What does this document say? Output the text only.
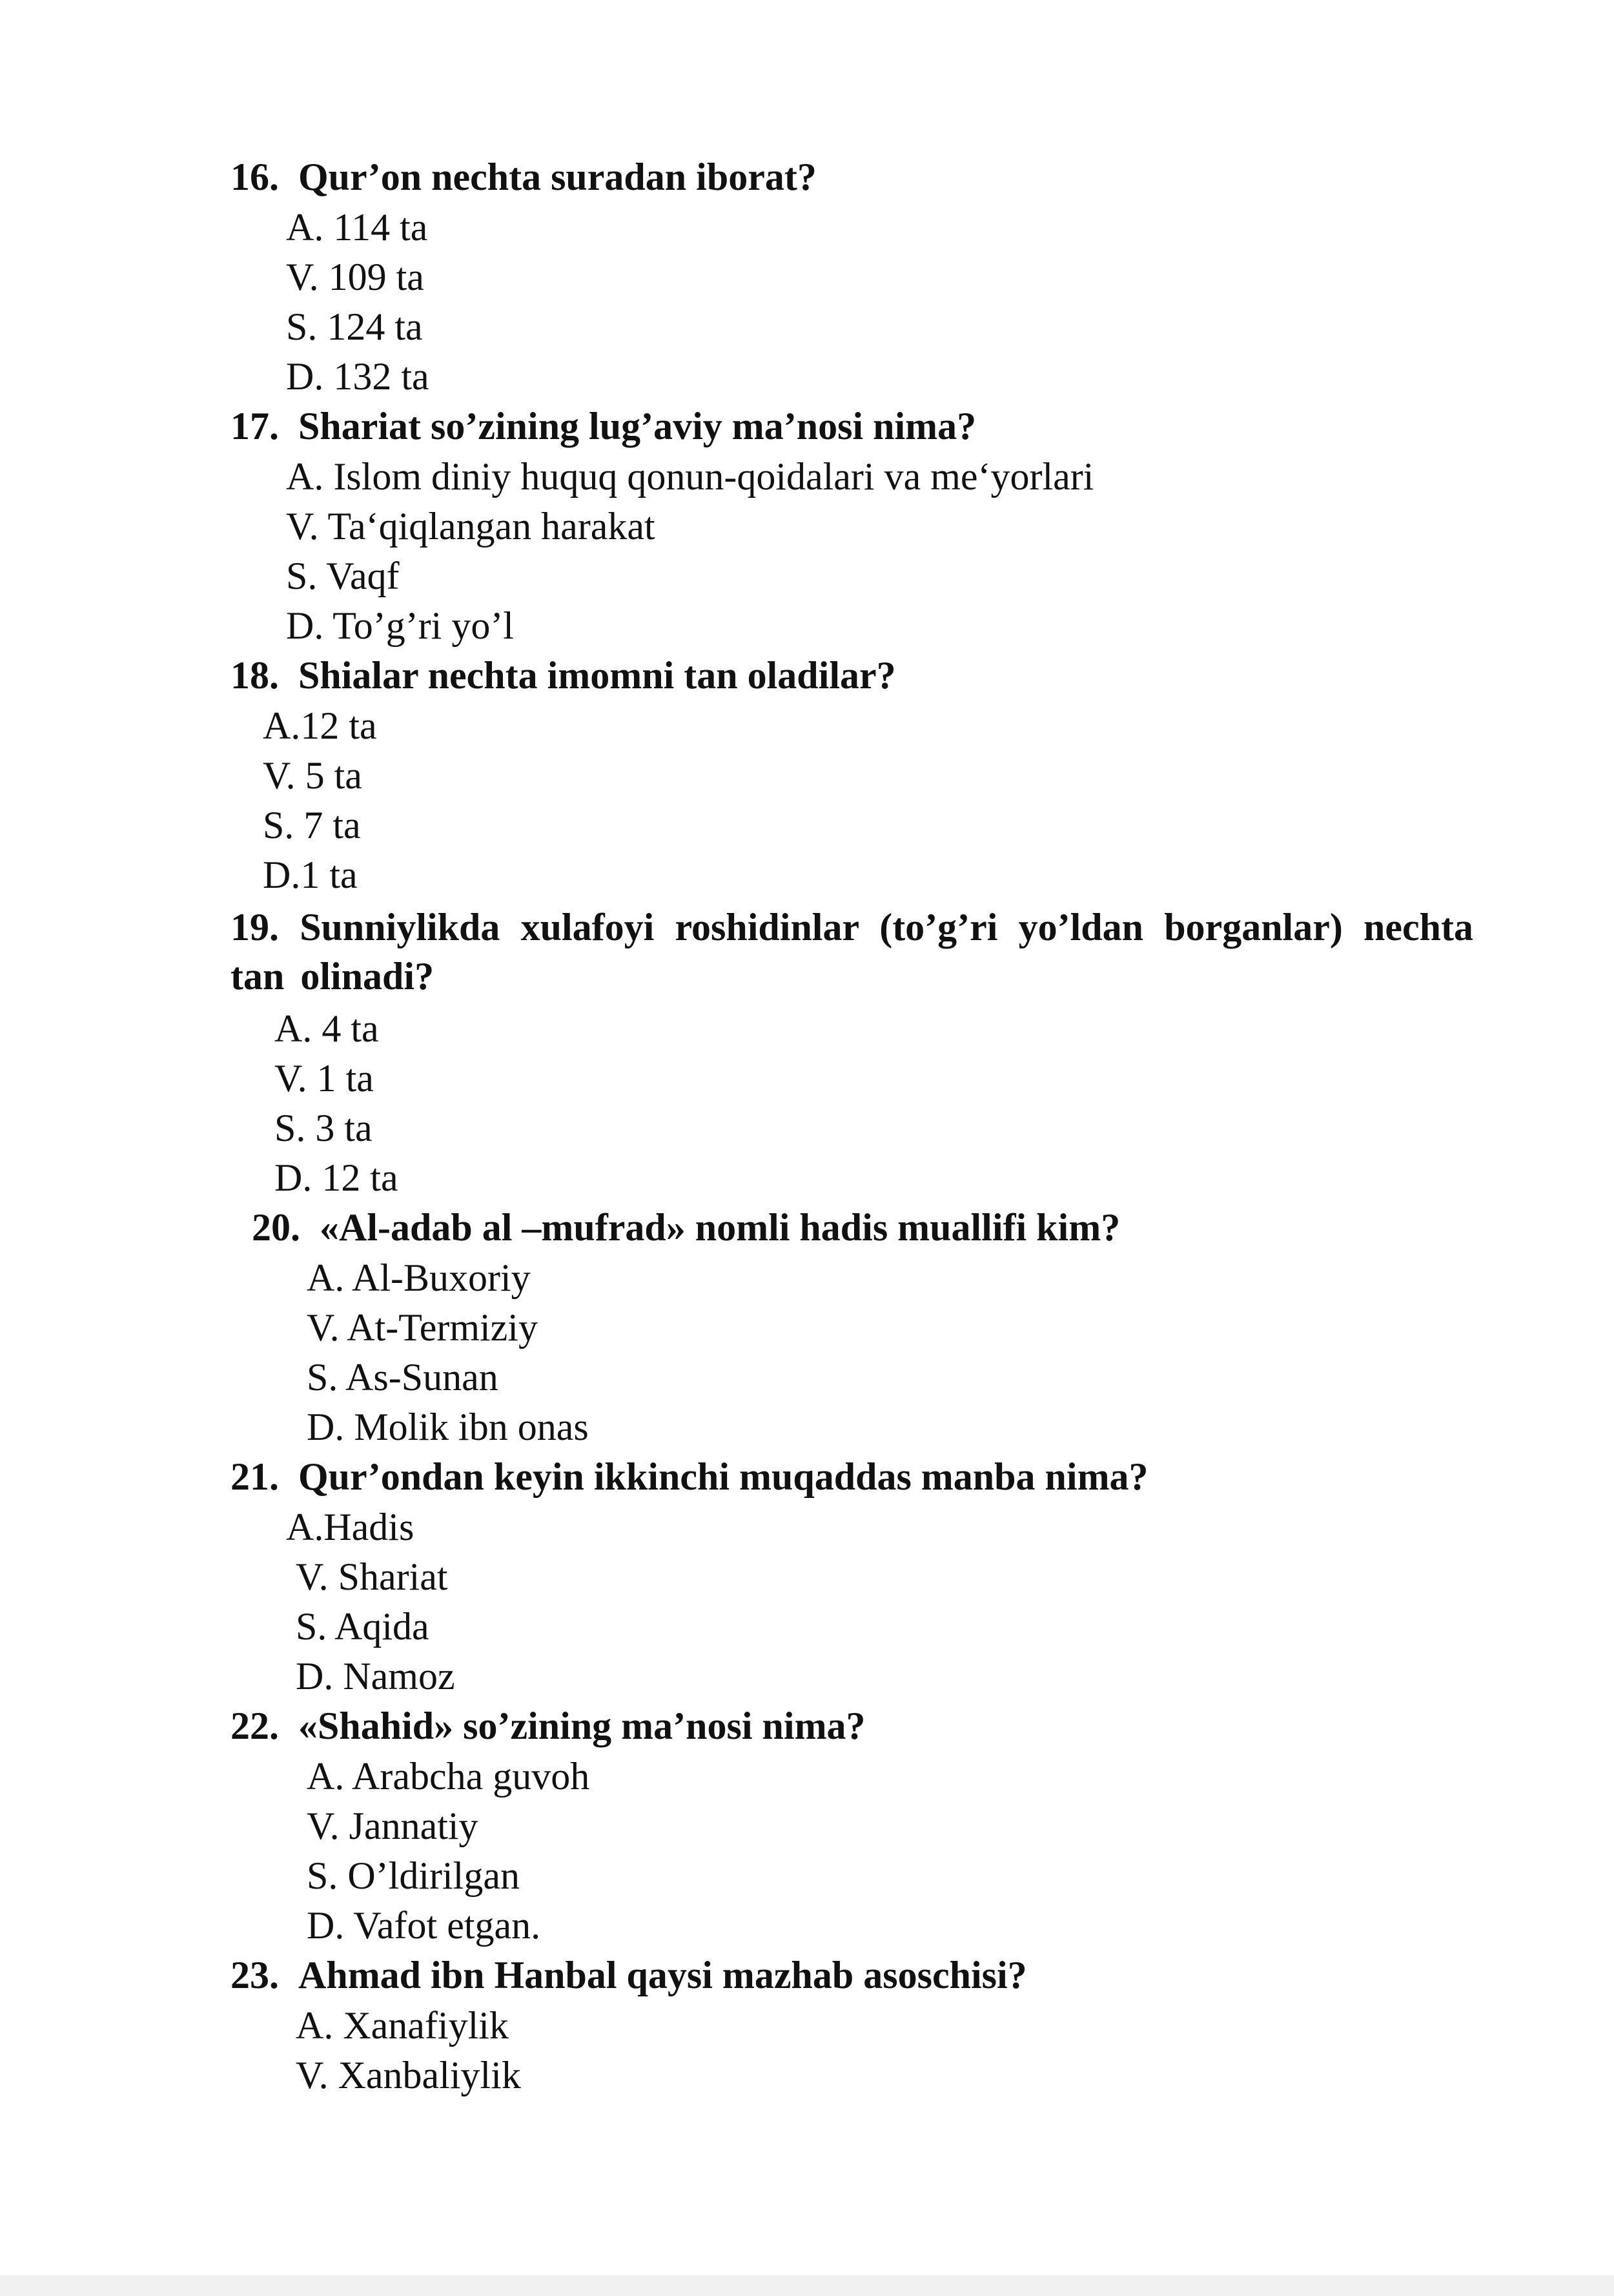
16. Qur’on nechta suradan iborat?
A. 114 ta
V. 109 ta
S. 124 ta
D. 132 ta
17. Shariat so’zining lug’aviy ma’nosi nima?
A. Islom diniy huquq qonun-qoidalari va me‘yorlari
V. Ta‘qiqlangan harakat
S. Vaqf
D. To’g’ri yo’l
18. Shialar nechta imomni tan oladilar?
A.12 ta
V. 5 ta
S. 7 ta
D.1 ta
19. Sunniylikda xulafoyi roshidinlar (to’g’ri yo’ldan borganlar) nechta tan olinadi?
A. 4 ta
V. 1 ta
S. 3 ta
D. 12 ta
20. «Al-adab al –mufrad» nomli hadis muallifi kim?
A. Al-Buxoriy
V. At-Termiziy
S. As-Sunan
D. Molik ibn onas
21. Qur’ondan keyin ikkinchi muqaddas manba nima?
A.Hadis
V. Shariat
S. Aqida
D. Namoz
22. «Shahid» so’zining ma’nosi nima?
A. Arabcha guvoh
V. Jannatiy
S. O’ldirilgan
D. Vafot etgan.
23. Ahmad ibn Hanbal qaysi mazhab asoschisi?
A. Xanafiylik
V. Xanbaliylik
